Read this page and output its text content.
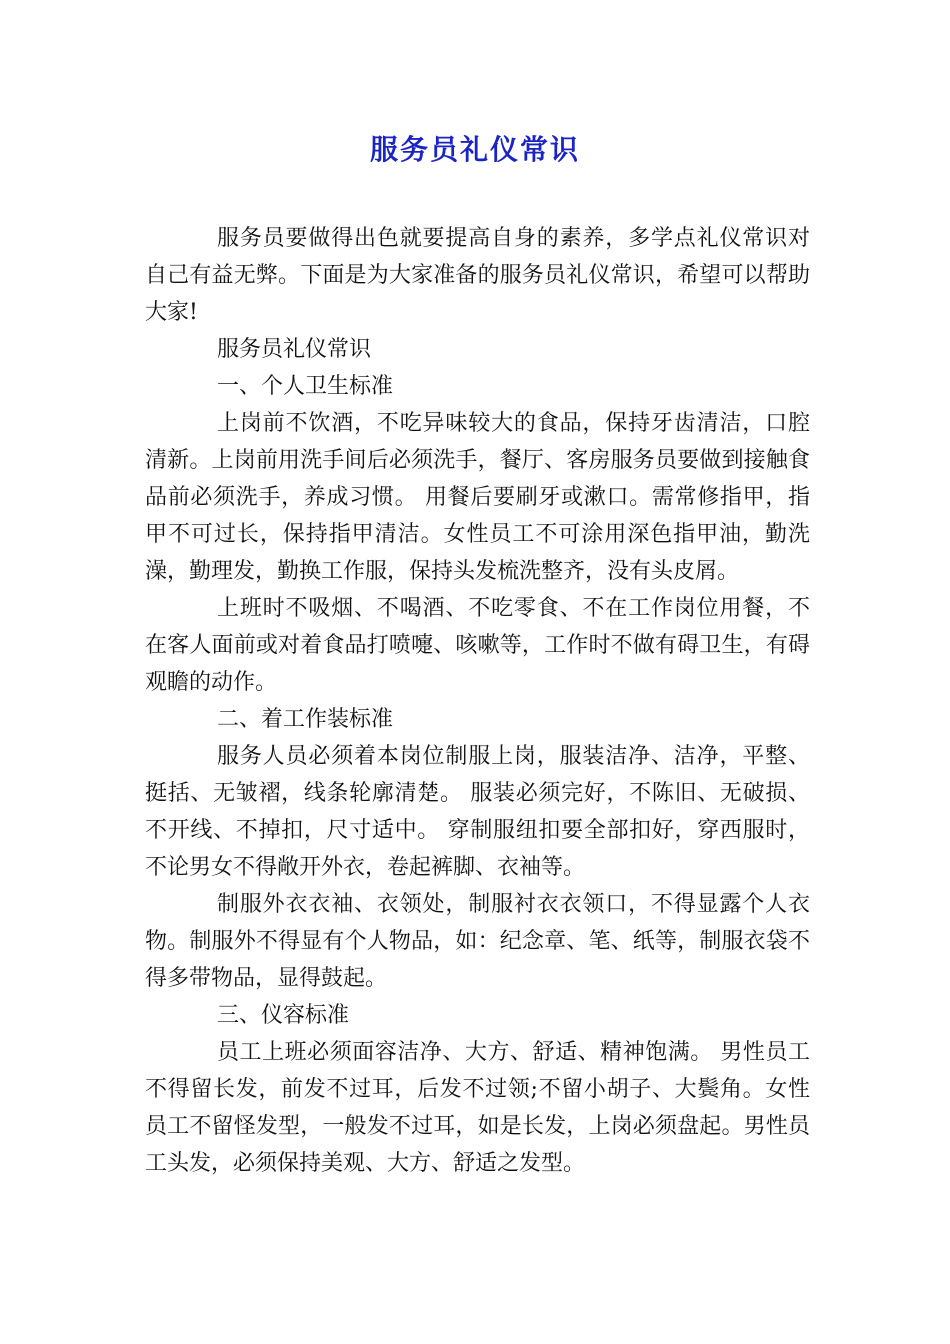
服务员礼仪常识

服务员要做得出色就要提高自身的素养，多学点礼仪常识对自己有益无弊。下面是为大家准备的服务员礼仪常识，希望可以帮助大家!

服务员礼仪常识

一、个人卫生标准

上岗前不饮酒，不吃异味较大的食品，保持牙齿清洁，口腔清新。上岗前用洗手间后必须洗手，餐厅、客房服务员要做到接触食品前必须洗手，养成习惯。 用餐后要刷牙或漱口。需常修指甲，指甲不可过长，保持指甲清洁。女性员工不可涂用深色指甲油，勤洗澡，勤理发，勤换工作服，保持头发梳洗整齐，没有头皮屑。

上班时不吸烟、不喝酒、不吃零食、不在工作岗位用餐，不在客人面前或对着食品打喷嚏、咳嗽等，工作时不做有碍卫生，有碍观瞻的动作。

二、着工作装标准

服务人员必须着本岗位制服上岗，服装洁净、洁净，平整、挺括、无皱褶，线条轮廓清楚。 服装必须完好，不陈旧、无破损、不开线、不掉扣，尺寸适中。 穿制服纽扣要全部扣好，穿西服时，不论男女不得敞开外衣，卷起裤脚、衣袖等。

制服外衣衣袖、衣领处，制服衬衣衣领口，不得显露个人衣物。制服外不得显有个人物品，如：纪念章、笔、纸等，制服衣袋不得多带物品，显得鼓起。

三、仪容标准

员工上班必须面容洁净、大方、舒适、精神饱满。 男性员工不得留长发，前发不过耳，后发不过领;不留小胡子、大鬓角。女性员工不留怪发型，一般发不过耳，如是长发，上岗必须盘起。男性员工头发，必须保持美观、大方、舒适之发型。
